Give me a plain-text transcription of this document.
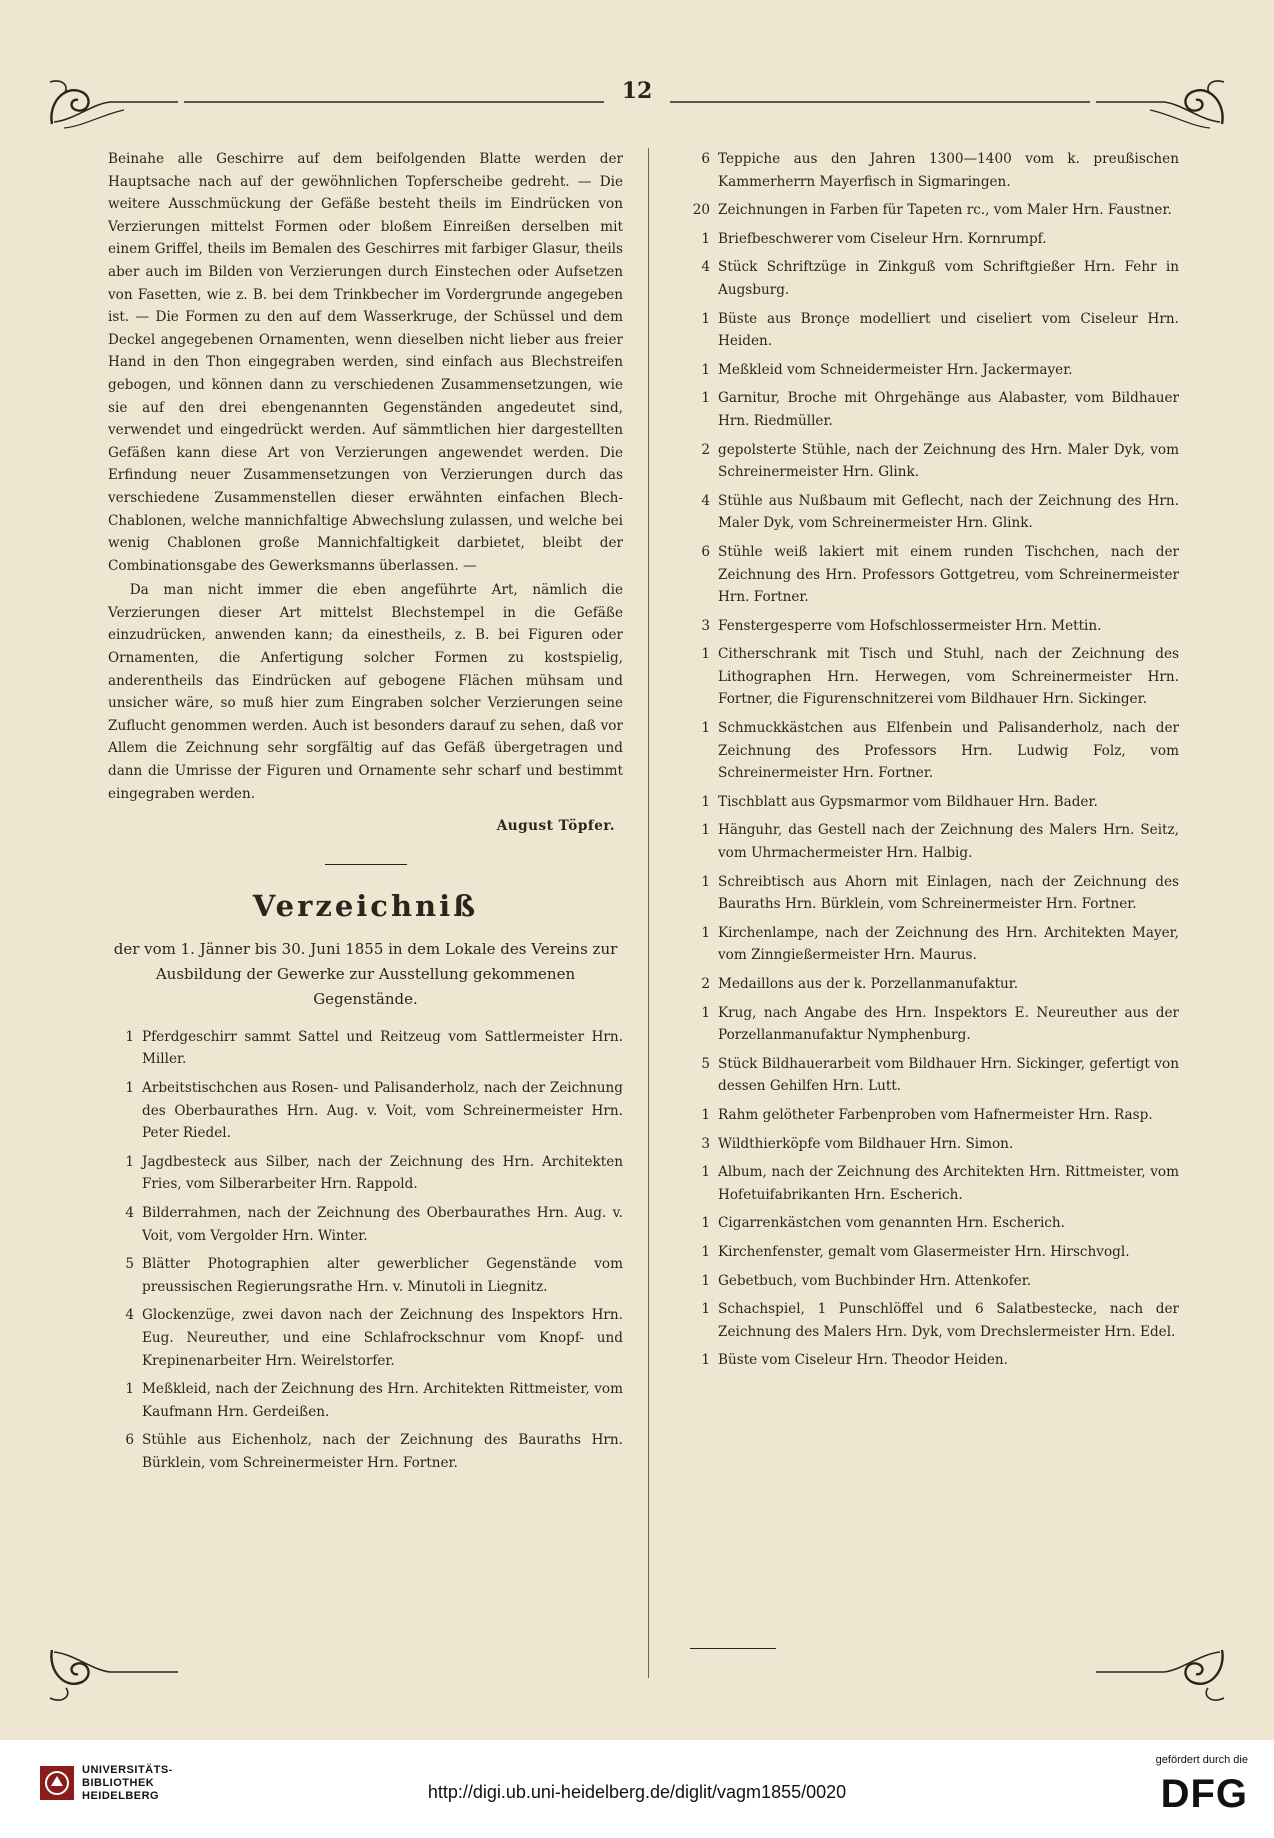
12

Beinahe alle Geschirre auf dem beifolgenden Blatte werden der Hauptsache nach auf der gewöhnlichen Topferscheibe gedreht. — Die weitere Ausschmückung der Gefäße besteht theils im Eindrücken von Verzierungen mittelst Formen oder bloßem Einreißen derselben mit einem Griffel, theils im Bemalen des Geschirres mit farbiger Glasur, theils aber auch im Bilden von Verzierungen durch Einstechen oder Aufsetzen von Fasetten, wie z. B. bei dem Trinkbecher im Vordergrunde angegeben ist. — Die Formen zu den auf dem Wasserkruge, der Schüssel und dem Deckel angegebenen Ornamenten, wenn dieselben nicht lieber aus freier Hand in den Thon eingegraben werden, sind einfach aus Blechstreifen gebogen, und können dann zu verschiedenen Zusammensetzungen, wie sie auf den drei ebengenannten Gegenständen angedeutet sind, verwendet und eingedrückt werden. Auf sämmtlichen hier dargestellten Gefäßen kann diese Art von Verzierungen angewendet werden. Die Erfindung neuer Zusammensetzungen von Verzierungen durch das verschiedene Zusammenstellen dieser erwähnten einfachen Blech-Chablonen, welche mannichfaltige Abwechslung zulassen, und welche bei wenig Chablonen große Mannichfaltigkeit darbietet, bleibt der Combinationsgabe des Gewerksmanns überlassen. —

Da man nicht immer die eben angeführte Art, nämlich die Verzierungen dieser Art mittelst Blechstempel in die Gefäße einzudrücken, anwenden kann; da einestheils, z. B. bei Figuren oder Ornamenten, die Anfertigung solcher Formen zu kostspielig, anderentheils das Eindrücken auf gebogene Flächen mühsam und unsicher wäre, so muß hier zum Eingraben solcher Verzierungen seine Zuflucht genommen werden. Auch ist besonders darauf zu sehen, daß vor Allem die Zeichnung sehr sorgfältig auf das Gefäß übergetragen und dann die Umrisse der Figuren und Ornamente sehr scharf und bestimmt eingegraben werden.

August Töpfer.
Verzeichniß
der vom 1. Jänner bis 30. Juni 1855 in dem Lokale des Vereins zur Ausbildung der Gewerke zur Ausstellung gekommenen Gegenstände.
1 Pferdgeschirr sammt Sattel und Reitzeug vom Sattlermeister Hrn. Miller.
1 Arbeitstischchen aus Rosen- und Palisanderholz, nach der Zeichnung des Oberbaurathes Hrn. Aug. v. Voit, vom Schreinermeister Hrn. Peter Riedel.
1 Jagdbesteck aus Silber, nach der Zeichnung des Hrn. Architekten Fries, vom Silberarbeiter Hrn. Rappold.
4 Bilderrahmen, nach der Zeichnung des Oberbaurathes Hrn. Aug. v. Voit, vom Vergolder Hrn. Winter.
5 Blätter Photographien alter gewerblicher Gegenstände vom preussischen Regierungsrathe Hrn. v. Minutoli in Liegnitz.
4 Glockenzüge, zwei davon nach der Zeichnung des Inspektors Hrn. Eug. Neureuther, und eine Schlafrockschnur vom Knopf- und Krepinenarbeiter Hrn. Weirelstorfer.
1 Meßkleid, nach der Zeichnung des Hrn. Architekten Rittmeister, vom Kaufmann Hrn. Gerdeißen.
6 Stühle aus Eichenholz, nach der Zeichnung des Bauraths Hrn. Bürklein, vom Schreinermeister Hrn. Fortner.
6 Teppiche aus den Jahren 1300—1400 vom k. preußischen Kammerherrn Mayerfisch in Sigmaringen.
20 Zeichnungen in Farben für Tapeten rc., vom Maler Hrn. Faustner.
1 Briefbeschwerer vom Ciseleur Hrn. Kornrumpf.
4 Stück Schriftzüge in Zinkguß vom Schriftgießer Hrn. Fehr in Augsburg.
1 Büste aus Bronçe modelliert und ciseliert vom Ciseleur Hrn. Heiden.
1 Meßkleid vom Schneidermeister Hrn. Jackermayer.
1 Garnitur, Broche mit Ohrgehänge aus Alabaster, vom Bildhauer Hrn. Riedmüller.
2 gepolsterte Stühle, nach der Zeichnung des Hrn. Maler Dyk, vom Schreinermeister Hrn. Glink.
4 Stühle aus Nußbaum mit Geflecht, nach der Zeichnung des Hrn. Maler Dyk, vom Schreinermeister Hrn. Glink.
6 Stühle weiß lakiert mit einem runden Tischchen, nach der Zeichnung des Hrn. Professors Gottgetreu, vom Schreinermeister Hrn. Fortner.
3 Fenstergesperre vom Hofschlossermeister Hrn. Mettin.
1 Citherschrank mit Tisch und Stuhl, nach der Zeichnung des Lithographen Hrn. Herwegen, vom Schreinermeister Hrn. Fortner, die Figurenschnitzerei vom Bildhauer Hrn. Sickinger.
1 Schmuckkästchen aus Elfenbein und Palisanderholz, nach der Zeichnung des Professors Hrn. Ludwig Folz, vom Schreinermeister Hrn. Fortner.
1 Tischblatt aus Gypsmarmor vom Bildhauer Hrn. Bader.
1 Hänguhr, das Gestell nach der Zeichnung des Malers Hrn. Seitz, vom Uhrmachermeister Hrn. Halbig.
1 Schreibtisch aus Ahorn mit Einlagen, nach der Zeichnung des Bauraths Hrn. Bürklein, vom Schreinermeister Hrn. Fortner.
1 Kirchenlampe, nach der Zeichnung des Hrn. Architekten Mayer, vom Zinngießermeister Hrn. Maurus.
2 Medaillons aus der k. Porzellanmanufaktur.
1 Krug, nach Angabe des Hrn. Inspektors E. Neureuther aus der Porzellanmanufaktur Nymphenburg.
5 Stück Bildhauerarbeit vom Bildhauer Hrn. Sickinger, gefertigt von dessen Gehilfen Hrn. Lutt.
1 Rahm gelötheter Farbenproben vom Hafnermeister Hrn. Rasp.
3 Wildthierköpfe vom Bildhauer Hrn. Simon.
1 Album, nach der Zeichnung des Architekten Hrn. Rittmeister, vom Hofetuifabrikanten Hrn. Escherich.
1 Cigarrenkästchen vom genannten Hrn. Escherich.
1 Kirchenfenster, gemalt vom Glasermeister Hrn. Hirschvogl.
1 Gebetbuch, vom Buchbinder Hrn. Attenkofer.
1 Schachspiel, 1 Punschlöffel und 6 Salatbestecke, nach der Zeichnung des Malers Hrn. Dyk, vom Drechslermeister Hrn. Edel.
1 Büste vom Ciseleur Hrn. Theodor Heiden.
UNIVERSITÄTS-
BIBLIOTHEK
HEIDELBERG	http://digi.ub.uni-heidelberg.de/diglit/vagm1855/0020
gefördert durch die
DFG
